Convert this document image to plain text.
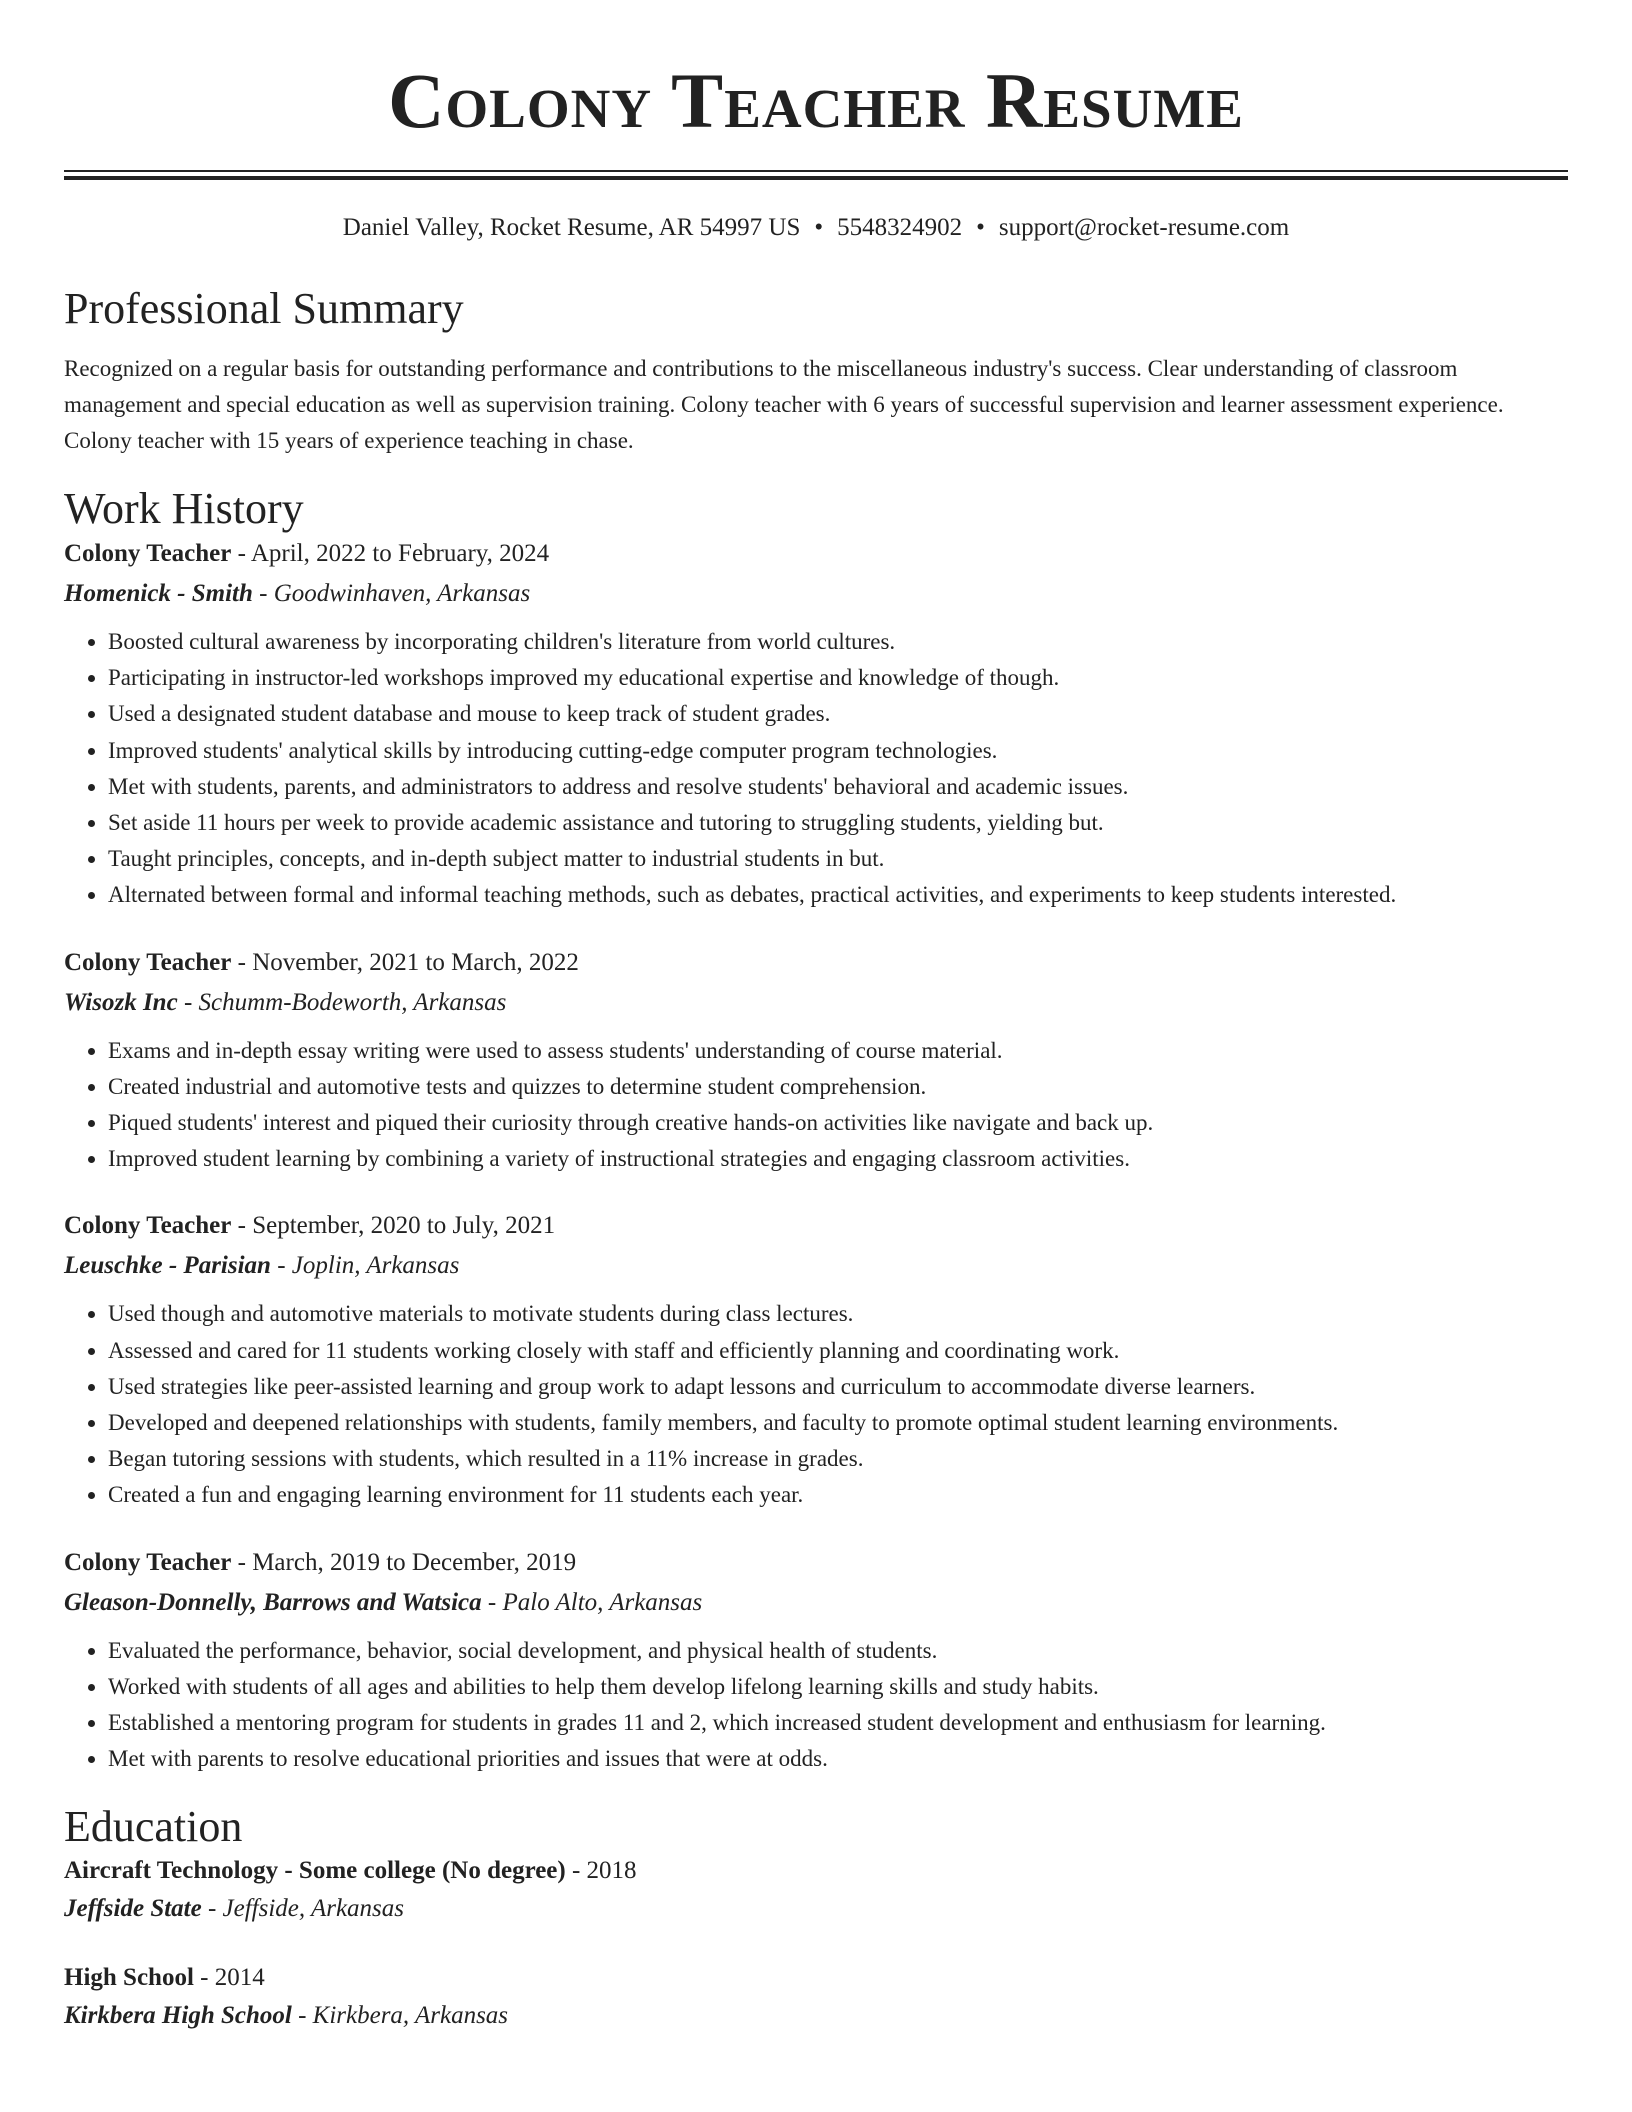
Colony Teacher Resume
Daniel Valley, Rocket Resume, AR 54997 US • 5548324902 • support@rocket-resume.com
Professional Summary
Recognized on a regular basis for outstanding performance and contributions to the miscellaneous industry's success. Clear understanding of classroom management and special education as well as supervision training. Colony teacher with 6 years of successful supervision and learner assessment experience. Colony teacher with 15 years of experience teaching in chase.
Work History
Colony Teacher - April, 2022 to February, 2024
Homenick - Smith - Goodwinhaven, Arkansas
• Boosted cultural awareness by incorporating children's literature from world cultures.
• Participating in instructor-led workshops improved my educational expertise and knowledge of though.
• Used a designated student database and mouse to keep track of student grades.
• Improved students' analytical skills by introducing cutting-edge computer program technologies.
• Met with students, parents, and administrators to address and resolve students' behavioral and academic issues.
• Set aside 11 hours per week to provide academic assistance and tutoring to struggling students, yielding but.
• Taught principles, concepts, and in-depth subject matter to industrial students in but.
• Alternated between formal and informal teaching methods, such as debates, practical activities, and experiments to keep students interested.
Colony Teacher - November, 2021 to March, 2022
Wisozk Inc - Schumm-Bodeworth, Arkansas
• Exams and in-depth essay writing were used to assess students' understanding of course material.
• Created industrial and automotive tests and quizzes to determine student comprehension.
• Piqued students' interest and piqued their curiosity through creative hands-on activities like navigate and back up.
• Improved student learning by combining a variety of instructional strategies and engaging classroom activities.
Colony Teacher - September, 2020 to July, 2021
Leuschke - Parisian - Joplin, Arkansas
• Used though and automotive materials to motivate students during class lectures.
• Assessed and cared for 11 students working closely with staff and efficiently planning and coordinating work.
• Used strategies like peer-assisted learning and group work to adapt lessons and curriculum to accommodate diverse learners.
• Developed and deepened relationships with students, family members, and faculty to promote optimal student learning environments.
• Began tutoring sessions with students, which resulted in a 11% increase in grades.
• Created a fun and engaging learning environment for 11 students each year.
Colony Teacher - March, 2019 to December, 2019
Gleason-Donnelly, Barrows and Watsica - Palo Alto, Arkansas
• Evaluated the performance, behavior, social development, and physical health of students.
• Worked with students of all ages and abilities to help them develop lifelong learning skills and study habits.
• Established a mentoring program for students in grades 11 and 2, which increased student development and enthusiasm for learning.
• Met with parents to resolve educational priorities and issues that were at odds.
Education
Aircraft Technology - Some college (No degree) - 2018
Jeffside State - Jeffside, Arkansas
High School - 2014
Kirkbera High School - Kirkbera, Arkansas
